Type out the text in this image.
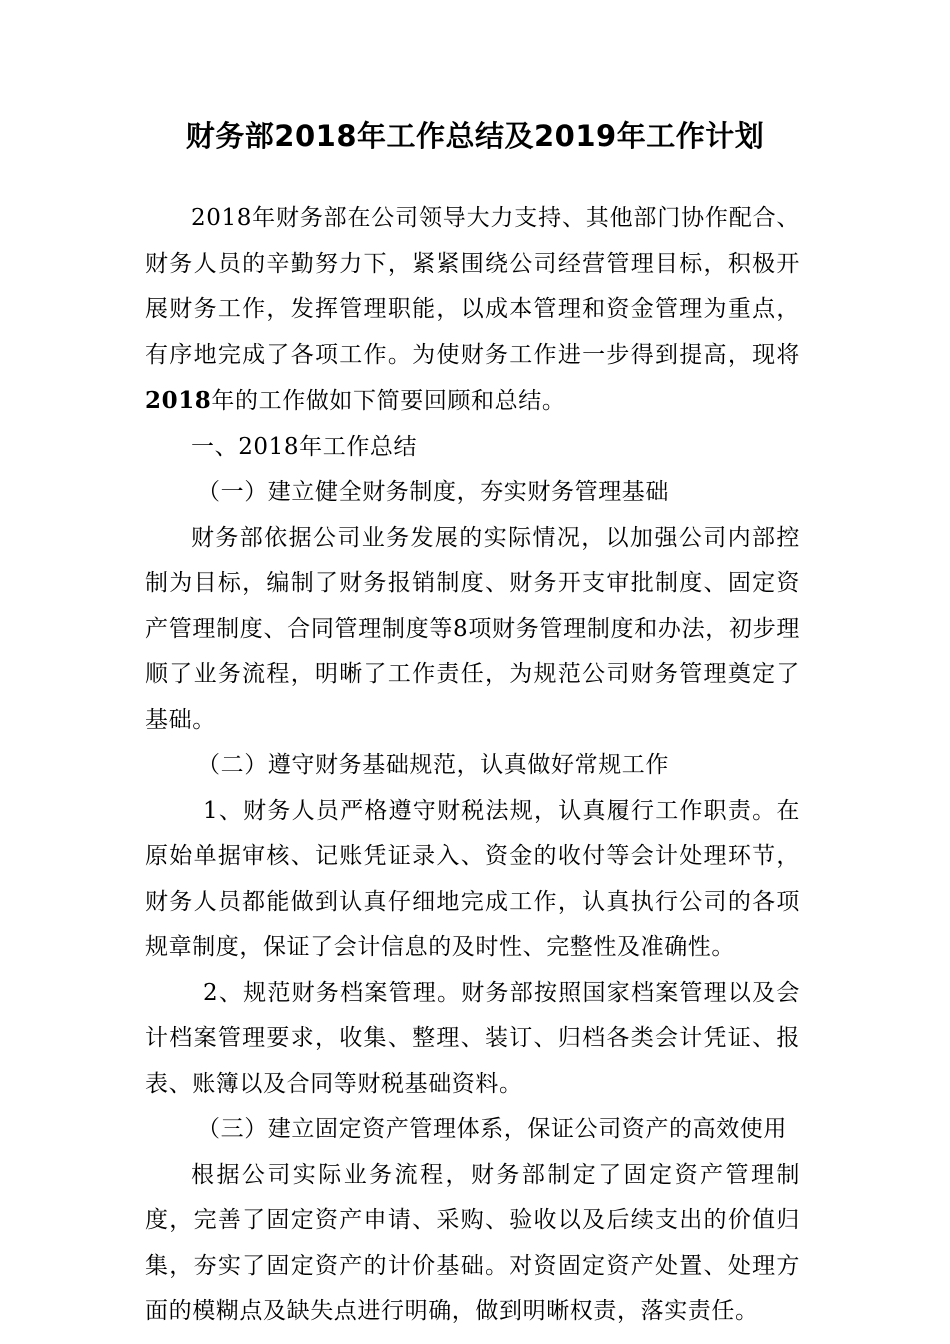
财务部2018年工作总结及2019年工作计划

2018年财务部在公司领导大力支持、其他部门协作配合、财务人员的辛勤努力下，紧紧围绕公司经营管理目标，积极开展财务工作，发挥管理职能，以成本管理和资金管理为重点，有序地完成了各项工作。为使财务工作进一步得到提高，现将2018年的工作做如下简要回顾和总结。

一、2018年工作总结

（一）建立健全财务制度，夯实财务管理基础

财务部依据公司业务发展的实际情况，以加强公司内部控制为目标，编制了财务报销制度、财务开支审批制度、固定资产管理制度、合同管理制度等8项财务管理制度和办法，初步理顺了业务流程，明晰了工作责任，为规范公司财务管理奠定了基础。

（二）遵守财务基础规范，认真做好常规工作

1、财务人员严格遵守财税法规，认真履行工作职责。在原始单据审核、记账凭证录入、资金的收付等会计处理环节，财务人员都能做到认真仔细地完成工作，认真执行公司的各项规章制度，保证了会计信息的及时性、完整性及准确性。

2、规范财务档案管理。财务部按照国家档案管理以及会计档案管理要求，收集、整理、装订、归档各类会计凭证、报表、账簿以及合同等财税基础资料。

（三）建立固定资产管理体系，保证公司资产的高效使用

根据公司实际业务流程，财务部制定了固定资产管理制度，完善了固定资产申请、采购、验收以及后续支出的价值归集，夯实了固定资产的计价基础。对资固定资产处置、处理方面的模糊点及缺失点进行明确，做到明晰权责，落实责任。
